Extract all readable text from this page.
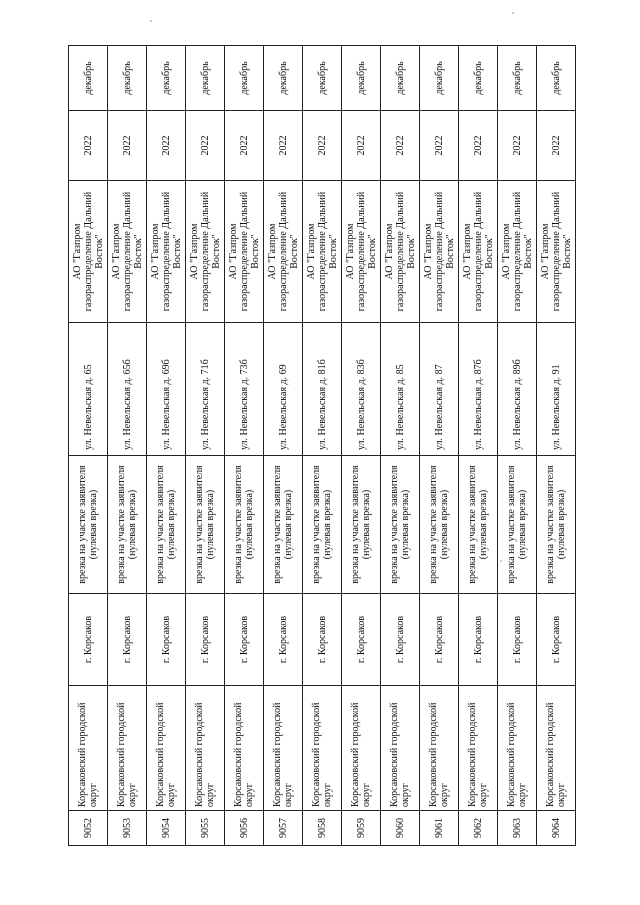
9052	Корсаковский городской округ	г. Корсаков	врезка на участке заявителя (нулевая врезка)	ул. Невельская д. 65	АО "Газпром газораспределение Дальний Восток"	2022	декабрь
9053	Корсаковский городской округ	г. Корсаков	врезка на участке заявителя (нулевая врезка)	ул. Невельская д. 65б	АО "Газпром газораспределение Дальний Восток"	2022	декабрь
9054	Корсаковский городской округ	г. Корсаков	врезка на участке заявителя (нулевая врезка)	ул. Невельская д. 69б	АО "Газпром газораспределение Дальний Восток"	2022	декабрь
9055	Корсаковский городской округ	г. Корсаков	врезка на участке заявителя (нулевая врезка)	ул. Невельская д. 71б	АО "Газпром газораспределение Дальний Восток"	2022	декабрь
9056	Корсаковский городской округ	г. Корсаков	врезка на участке заявителя (нулевая врезка)	ул. Невельская д. 73б	АО "Газпром газораспределение Дальний Восток"	2022	декабрь
9057	Корсаковский городской округ	г. Корсаков	врезка на участке заявителя (нулевая врезка)	ул. Невельская д. 69	АО "Газпром газораспределение Дальний Восток"	2022	декабрь
9058	Корсаковский городской округ	г. Корсаков	врезка на участке заявителя (нулевая врезка)	ул. Невельская д. 81б	АО "Газпром газораспределение Дальний Восток"	2022	декабрь
9059	Корсаковский городской округ	г. Корсаков	врезка на участке заявителя (нулевая врезка)	ул. Невельская д. 83б	АО "Газпром газораспределение Дальний Восток"	2022	декабрь
9060	Корсаковский городской округ	г. Корсаков	врезка на участке заявителя (нулевая врезка)	ул. Невельская д. 85	АО "Газпром газораспределение Дальний Восток"	2022	декабрь
9061	Корсаковский городской округ	г. Корсаков	врезка на участке заявителя (нулевая врезка)	ул. Невельская д. 87	АО "Газпром газораспределение Дальний Восток"	2022	декабрь
9062	Корсаковский городской округ	г. Корсаков	врезка на участке заявителя (нулевая врезка)	ул. Невельская д. 87б	АО "Газпром газораспределение Дальний Восток"	2022	декабрь
9063	Корсаковский городской округ	г. Корсаков	врезка на участке заявителя (нулевая врезка)	ул. Невельская д. 89б	АО "Газпром газораспределение Дальний Восток"	2022	декабрь
9064	Корсаковский городской округ	г. Корсаков	врезка на участке заявителя (нулевая врезка)	ул. Невельская д. 91	АО "Газпром газораспределение Дальний Восток"	2022	декабрь
